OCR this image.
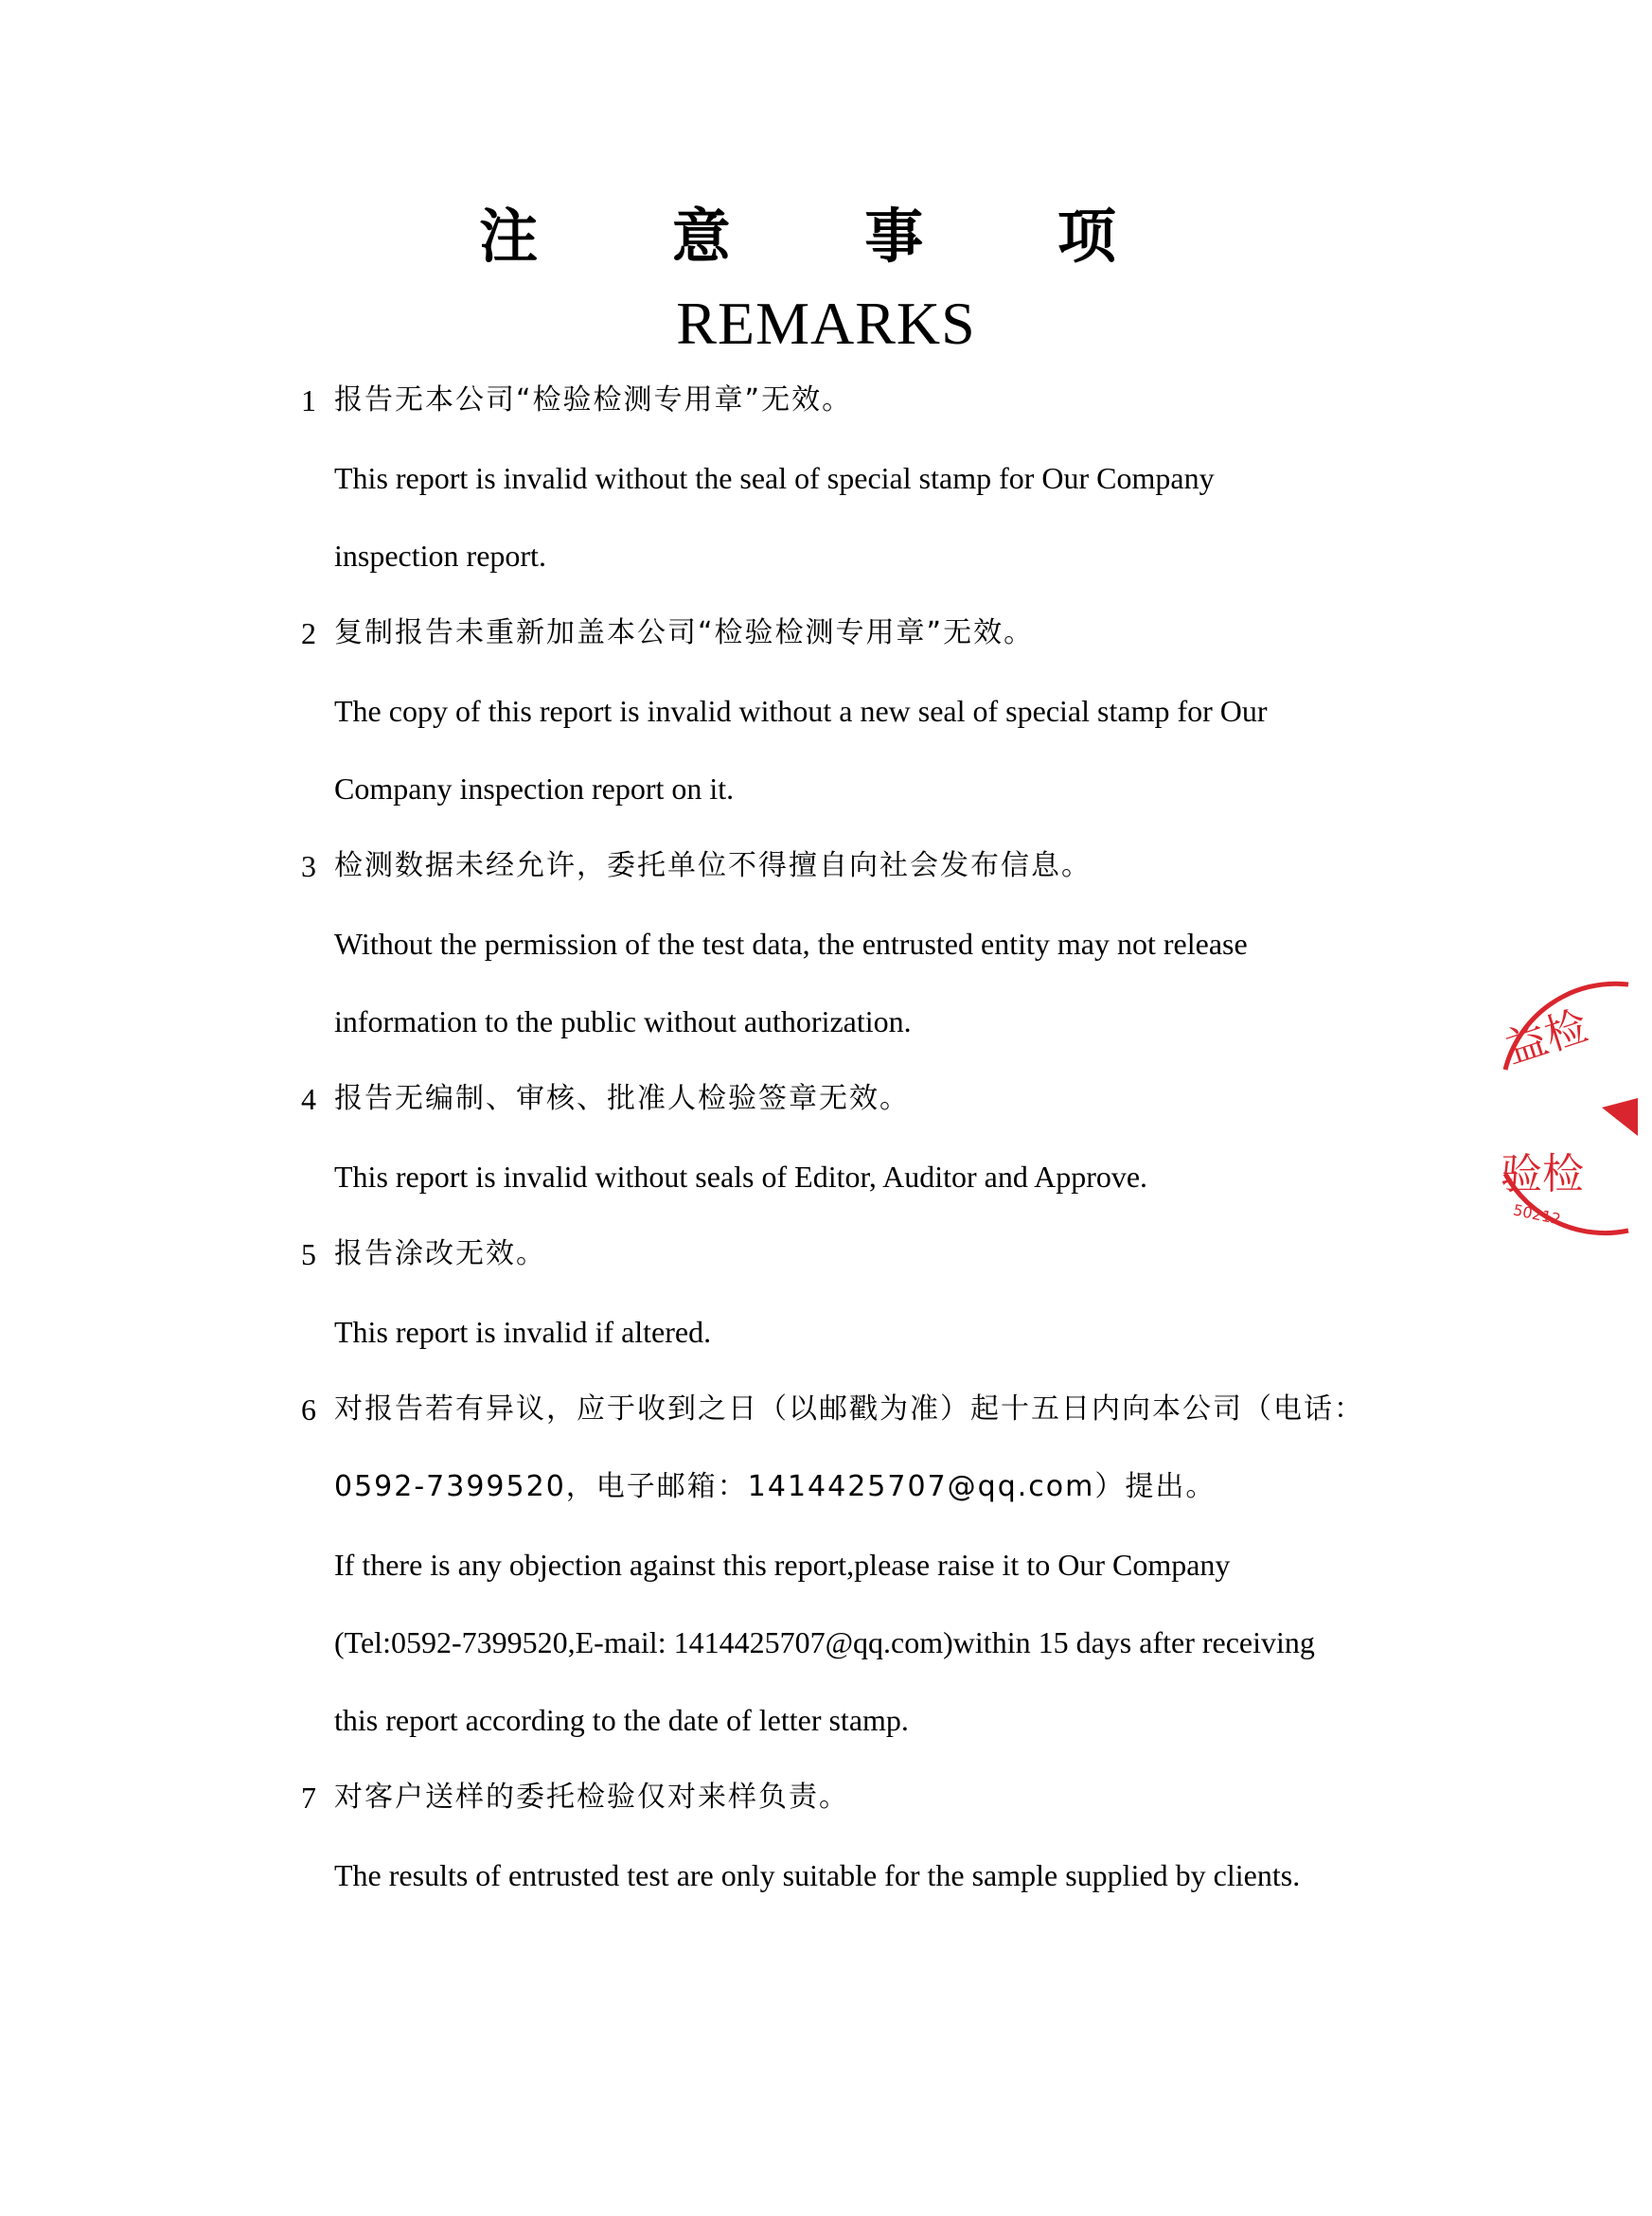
注 意 事 项
REMARKS
1 报告无本公司“检验检测专用章”无效。
This report is invalid without the seal of special stamp for Our Company
inspection report.
2 复制报告未重新加盖本公司“检验检测专用章”无效。
The copy of this report is invalid without a new seal of special stamp for Our
Company inspection report on it.
3 检测数据未经允许，委托单位不得擅自向社会发布信息。
Without the permission of the test data, the entrusted entity may not release
information to the public without authorization.
4 报告无编制、审核、批准人检验签章无效。
This report is invalid without seals of Editor, Auditor and Approve.
5 报告涂改无效。
This report is invalid if altered.
6 对报告若有异议，应于收到之日（以邮戳为准）起十五日内向本公司（电话：
0592-7399520，电子邮箱：1414425707@qq.com）提出。
If there is any objection against this report,please raise it to Our Company
(Tel:0592-7399520,E-mail: 1414425707@qq.com)within 15 days after receiving
this report according to the date of letter stamp.
7 对客户送样的委托检验仅对来样负责。
The results of entrusted test are only suitable for the sample supplied by clients.
益检
验检
50212
